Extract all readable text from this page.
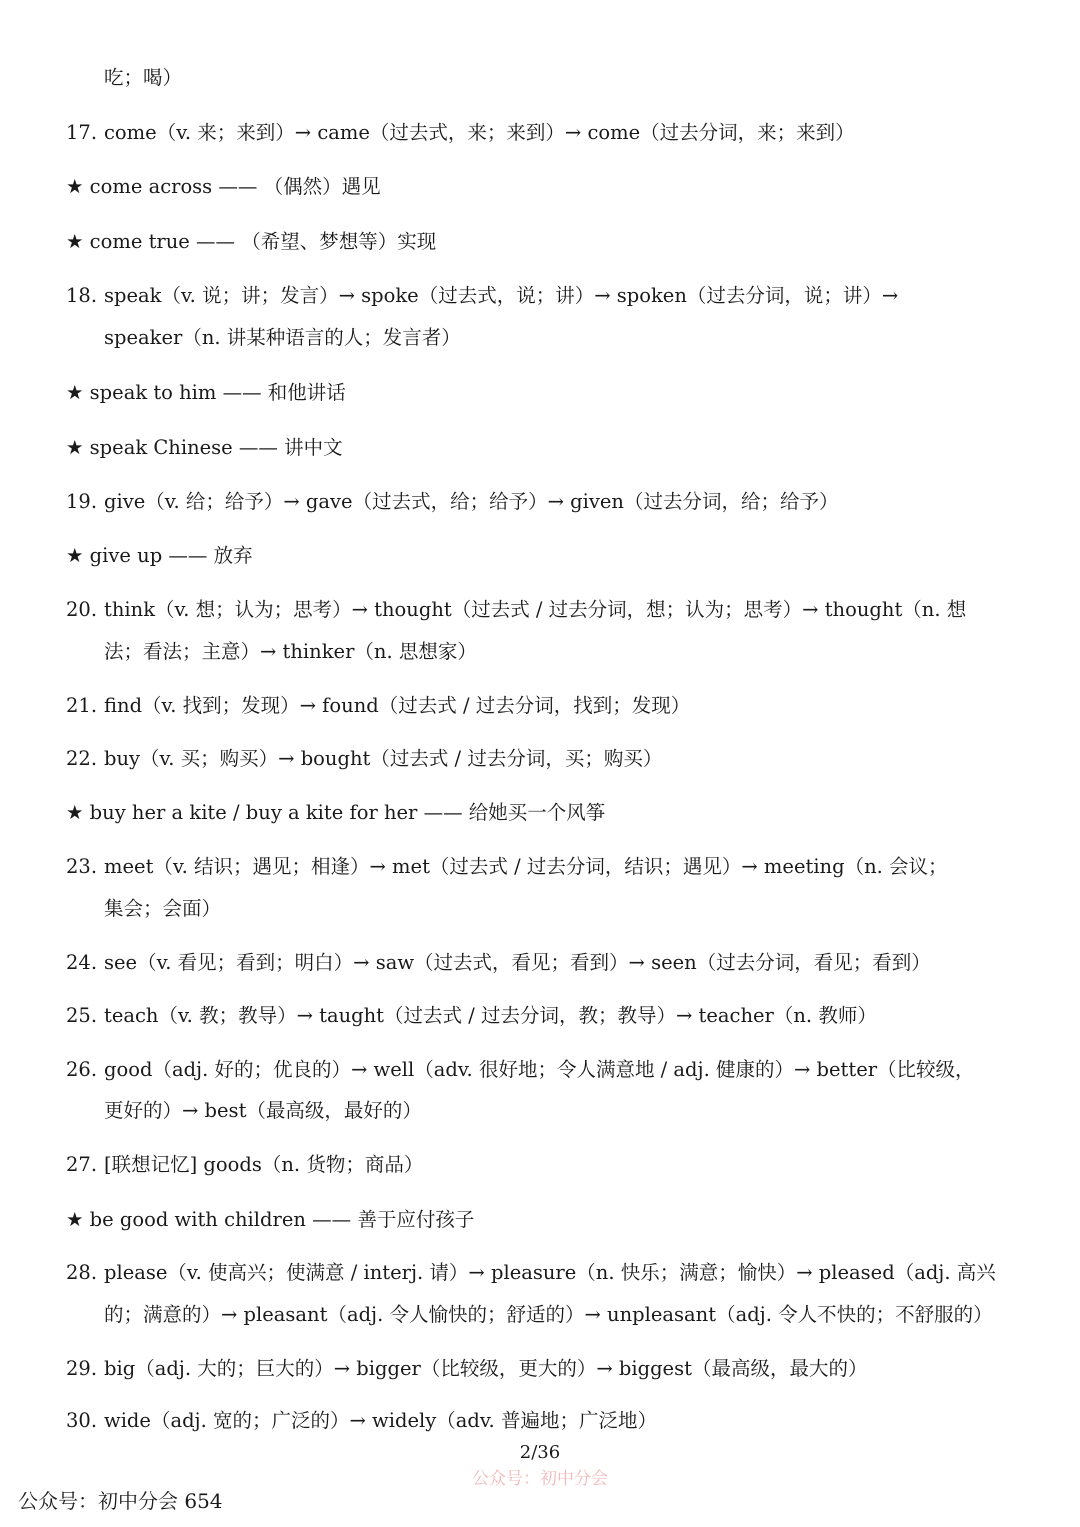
吃；喝）
17. come（v. 来；来到）→ came（过去式，来；来到）→ come（过去分词，来；来到）
★ come across —— （偶然）遇见
★ come true —— （希望、梦想等）实现
18. speak（v. 说；讲；发言）→ spoke（过去式，说；讲）→ spoken（过去分词，说；讲）→
speaker（n. 讲某种语言的人；发言者）
★ speak to him —— 和他讲话
★ speak Chinese —— 讲中文
19. give（v. 给；给予）→ gave（过去式，给；给予）→ given（过去分词，给；给予）
★ give up —— 放弃
20. think（v. 想；认为；思考）→ thought（过去式 / 过去分词，想；认为；思考）→ thought（n. 想
法；看法；主意）→ thinker（n. 思想家）
21. find（v. 找到；发现）→ found（过去式 / 过去分词，找到；发现）
22. buy（v. 买；购买）→ bought（过去式 / 过去分词，买；购买）
★ buy her a kite / buy a kite for her —— 给她买一个风筝
23. meet（v. 结识；遇见；相逢）→ met（过去式 / 过去分词，结识；遇见）→ meeting（n. 会议；
集会；会面）
24. see（v. 看见；看到；明白）→ saw（过去式，看见；看到）→ seen（过去分词，看见；看到）
25. teach（v. 教；教导）→ taught（过去式 / 过去分词，教；教导）→ teacher（n. 教师）
26. good（adj. 好的；优良的）→ well（adv. 很好地；令人满意地 / adj. 健康的）→ better（比较级，
更好的）→ best（最高级，最好的）
27. [联想记忆] goods（n. 货物；商品）
★ be good with children —— 善于应付孩子
28. please（v. 使高兴；使满意 / interj. 请）→ pleasure（n. 快乐；满意；愉快）→ pleased（adj. 高兴
的；满意的）→ pleasant（adj. 令人愉快的；舒适的）→ unpleasant（adj. 令人不快的；不舒服的）
29. big（adj. 大的；巨大的）→ bigger（比较级，更大的）→ biggest（最高级，最大的）
30. wide（adj. 宽的；广泛的）→ widely（adv. 普遍地；广泛地）
2/36
公众号：初中分会
公众号：初中分会 654
